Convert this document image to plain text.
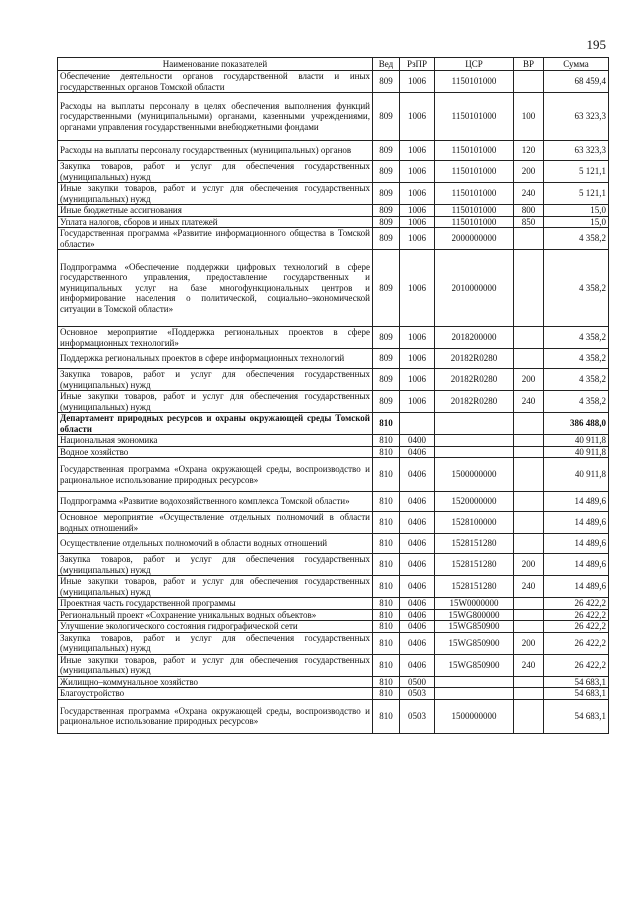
195
Наименование показателей	Вед	РзПР	ЦСР	ВР	Сумма
Обеспечение деятельности органов государственной власти и иных государственных органов Томской области	809	1006	1150101000		68 459,4
Расходы на выплаты персоналу в целях обеспечения выполнения функций государственными (муниципальными) органами, казенными учреждениями, органами управления государственными внебюджетными фондами	809	1006	1150101000	100	63 323,3
Расходы на выплаты персоналу государственных (муниципальных) органов	809	1006	1150101000	120	63 323,3
Закупка товаров, работ и услуг для обеспечения государственных (муниципальных) нужд	809	1006	1150101000	200	5 121,1
Иные закупки товаров, работ и услуг для обеспечения государственных (муниципальных) нужд	809	1006	1150101000	240	5 121,1
Иные бюджетные ассигнования	809	1006	1150101000	800	15,0
Уплата налогов, сборов и иных платежей	809	1006	1150101000	850	15,0
Государственная программа «Развитие информационного общества в Томской области»	809	1006	2000000000		4 358,2
Подпрограмма «Обеспечение поддержки цифровых технологий в сфере государственного управления, предоставление государственных и муниципальных услуг на базе многофункциональных центров и информирование населения о политической, социально–экономической ситуации в Томской области»	809	1006	2010000000		4 358,2
Основное мероприятие «Поддержка региональных проектов в сфере информационных технологий»	809	1006	2018200000		4 358,2
Поддержка региональных проектов в сфере информационных технологий	809	1006	20182R0280		4 358,2
Закупка товаров, работ и услуг для обеспечения государственных (муниципальных) нужд	809	1006	20182R0280	200	4 358,2
Иные закупки товаров, работ и услуг для обеспечения государственных (муниципальных) нужд	809	1006	20182R0280	240	4 358,2
Департамент природных ресурсов и охраны окружающей среды Томской области	810				386 488,0
Национальная экономика	810	0400			40 911,8
Водное хозяйство	810	0406			40 911,8
Государственная программа «Охрана окружающей среды, воспроизводство и рациональное использование природных ресурсов»	810	0406	1500000000		40 911,8
Подпрограмма «Развитие водохозяйственного комплекса Томской области»	810	0406	1520000000		14 489,6
Основное мероприятие «Осуществление отдельных полномочий в области водных отношений»	810	0406	1528100000		14 489,6
Осуществление отдельных полномочий в области водных отношений	810	0406	1528151280		14 489,6
Закупка товаров, работ и услуг для обеспечения государственных (муниципальных) нужд	810	0406	1528151280	200	14 489,6
Иные закупки товаров, работ и услуг для обеспечения государственных (муниципальных) нужд	810	0406	1528151280	240	14 489,6
Проектная часть государственной программы	810	0406	15W0000000		26 422,2
Региональный проект «Сохранение уникальных водных объектов»	810	0406	15WG800000		26 422,2
Улучшение экологического состояния гидрографической сети	810	0406	15WG850900		26 422,2
Закупка товаров, работ и услуг для обеспечения государственных (муниципальных) нужд	810	0406	15WG850900	200	26 422,2
Иные закупки товаров, работ и услуг для обеспечения государственных (муниципальных) нужд	810	0406	15WG850900	240	26 422,2
Жилищно–коммунальное хозяйство	810	0500			54 683,1
Благоустройство	810	0503			54 683,1
Государственная программа «Охрана окружающей среды, воспроизводство и рациональное использование природных ресурсов»	810	0503	1500000000		54 683,1
